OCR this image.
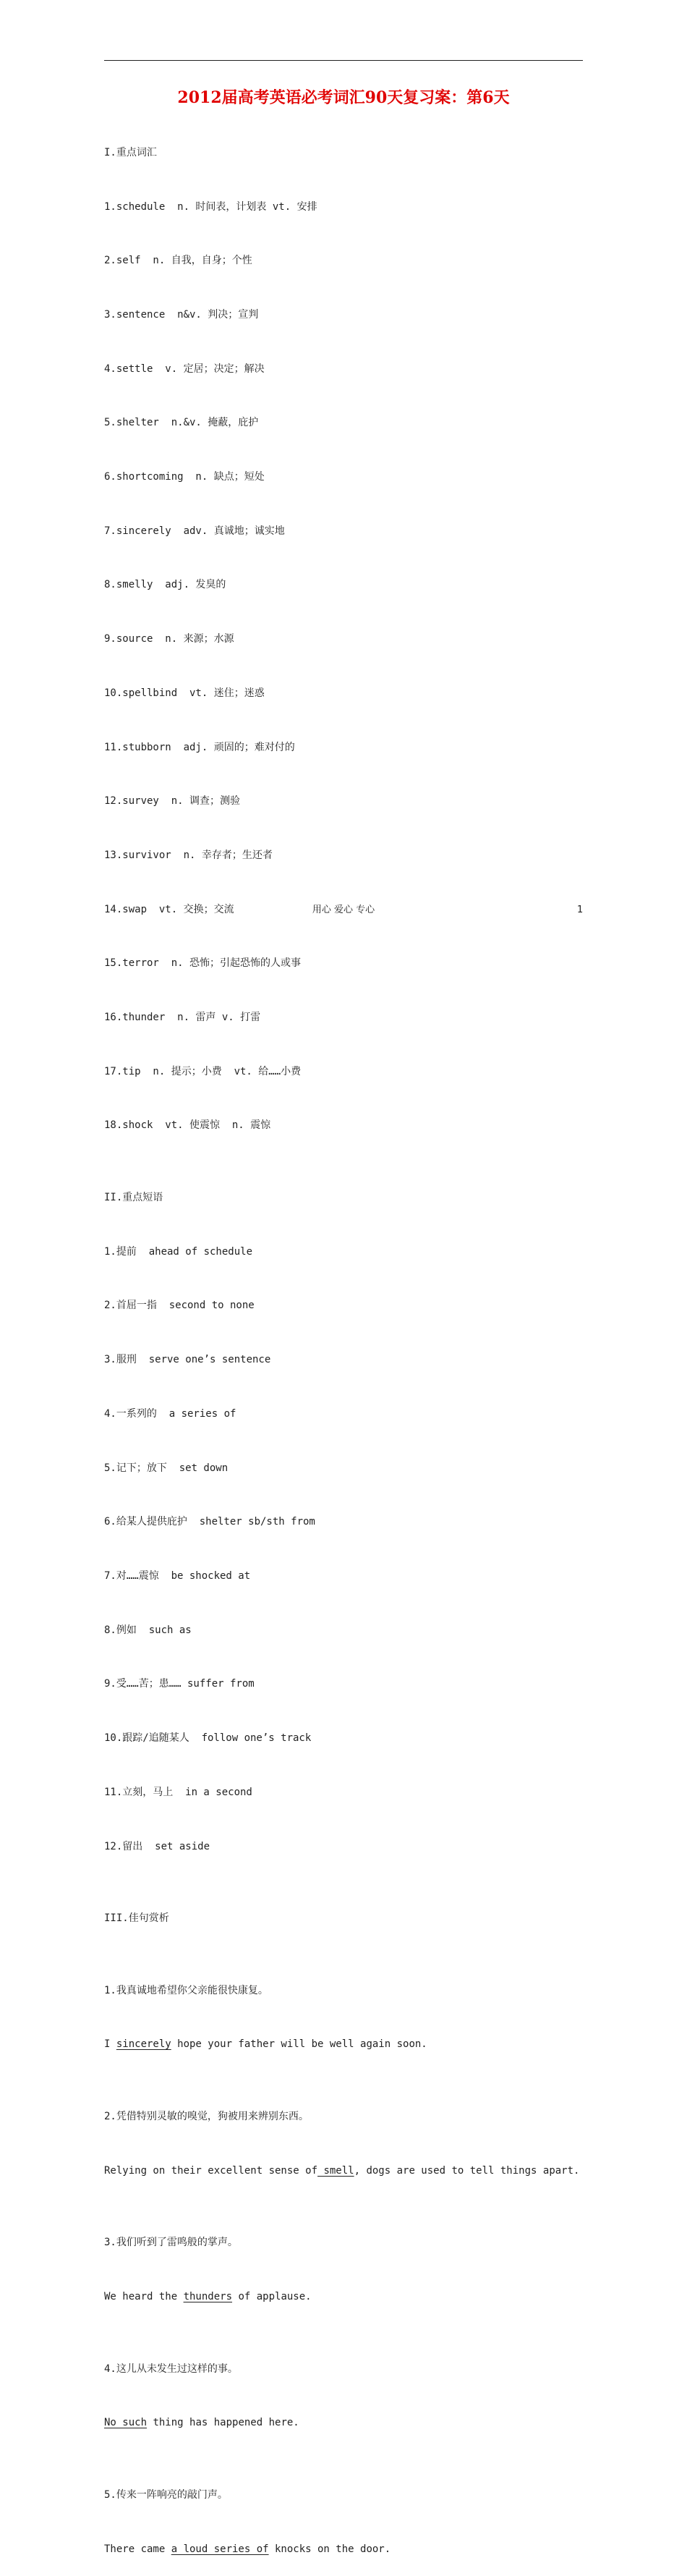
2012届高考英语必考词汇90天复习案：第6天

I.重点词汇

1.schedule  n. 时间表，计划表 vt. 安排

2.self  n. 自我，自身；个性

3.sentence  n&v. 判决；宣判

4.settle  v. 定居；决定；解决

5.shelter  n.&v. 掩蔽，庇护

6.shortcoming  n. 缺点；短处

7.sincerely  adv. 真诚地；诚实地

8.smelly  adj. 发臭的

9.source  n. 来源；水源

10.spellbind  vt. 迷住；迷惑

11.stubborn  adj. 顽固的；难对付的

12.survey  n. 调查；测验

13.survivor  n. 幸存者；生还者

14.swap  vt. 交换；交流

15.terror  n. 恐怖；引起恐怖的人或事

16.thunder  n. 雷声 v. 打雷

17.tip  n. 提示；小费  vt. 给……小费

18.shock  vt. 使震惊  n. 震惊

II.重点短语

1.提前  ahead of schedule

2.首屈一指  second to none

3.服刑  serve one’s sentence

4.一系列的  a series of

5.记下；放下  set down

6.给某人提供庇护  shelter sb/sth from

7.对……震惊  be shocked at

8.例如  such as

9.受……苦；患…… suffer from

10.跟踪/追随某人  follow one’s track

11.立刻，马上  in a second

12.留出  set aside

III.佳句赏析

1.我真诚地希望你父亲能很快康复。

I sincerely hope your father will be well again soon.

2.凭借特别灵敏的嗅觉，狗被用来辨别东西。

Relying on their excellent sense of smell, dogs are used to tell things apart.

3.我们听到了雷鸣般的掌声。

We heard the thunders of applause.

4.这儿从未发生过这样的事。

No such thing has happened here.

5.传来一阵响亮的敲门声。

There came a loud series of knocks on the door.

用心 爱心 专心	1
